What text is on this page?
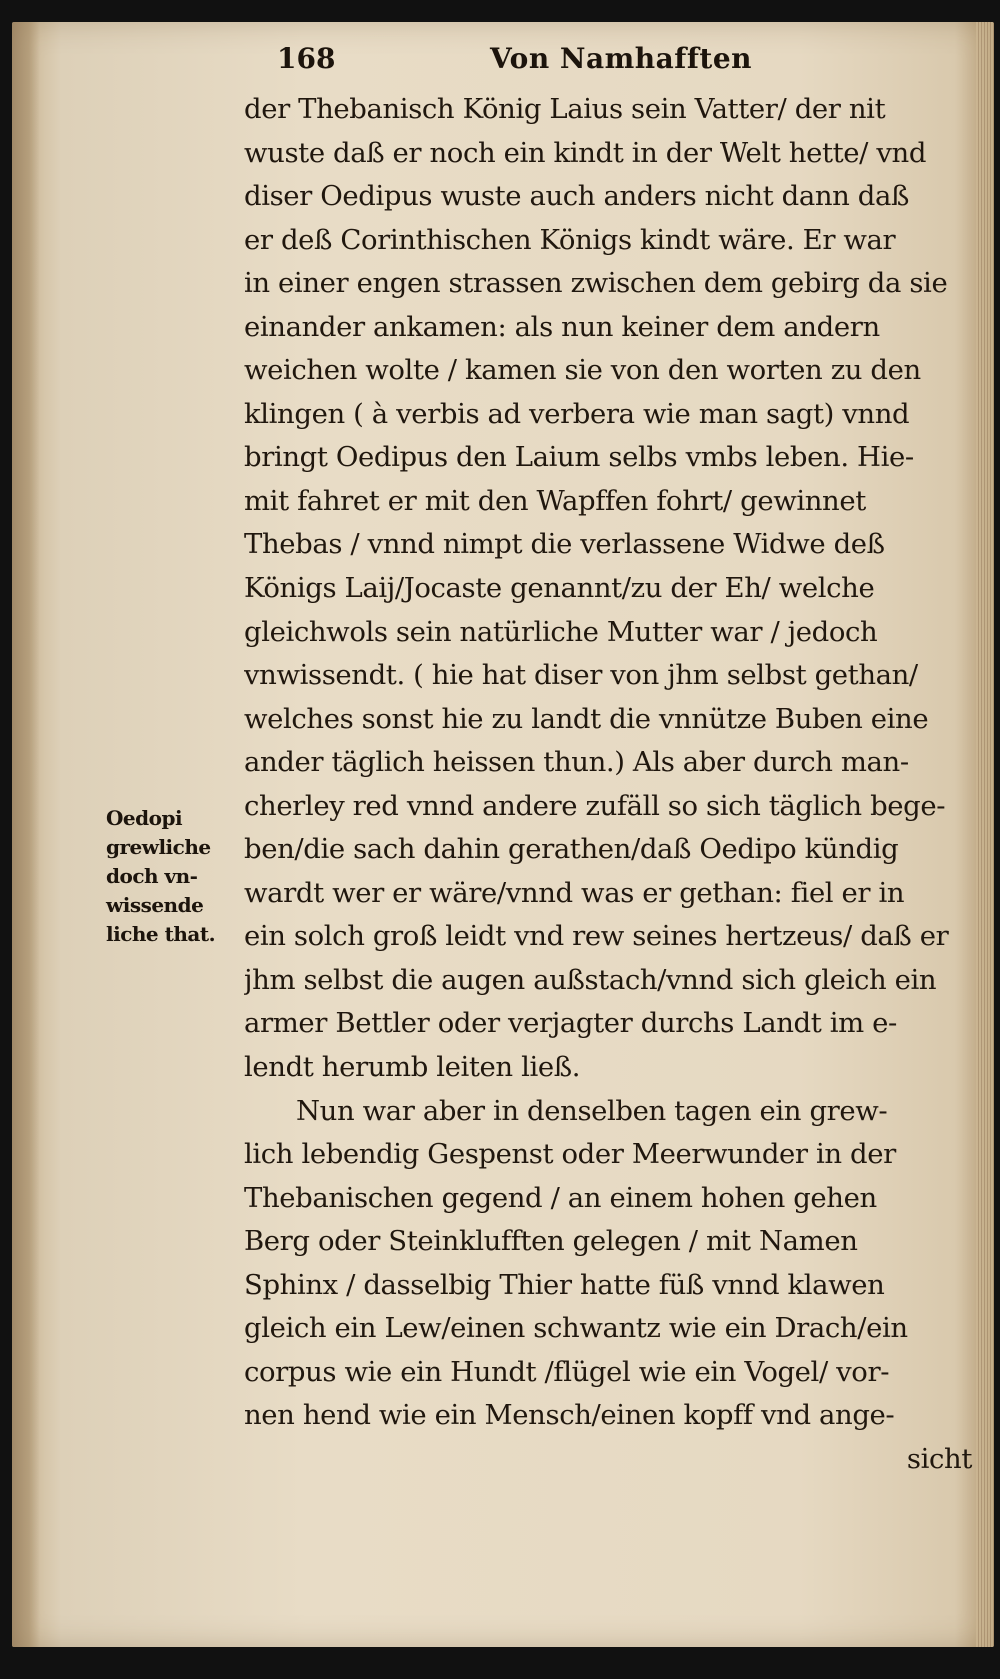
168	Von Namhafften
Oedopi
grewliche
doch vn-
wissende
liche that.
der Thebanisch König Laius sein Vatter/ der nit
wuste daß er noch ein kindt in der Welt hette/ vnd
diser Oedipus wuste auch anders nicht dann daß
er deß Corinthischen Königs kindt wäre. Er war
in einer engen strassen zwischen dem gebirg da sie
einander ankamen: als nun keiner dem andern
weichen wolte / kamen sie von den worten zu den
klingen ( à verbis ad verbera wie man sagt) vnnd
bringt Oedipus den Laium selbs vmbs leben. Hie-
mit fahret er mit den Wapffen fohrt/ gewinnet
Thebas / vnnd nimpt die verlassene Widwe deß
Königs Laij/Jocaste genannt/zu der Eh/ welche
gleichwols sein natürliche Mutter war / jedoch
vnwissendt. ( hie hat diser von jhm selbst gethan/
welches sonst hie zu landt die vnnütze Buben eine
ander täglich heissen thun.) Als aber durch man-
cherley red vnnd andere zufäll so sich täglich bege-
ben/die sach dahin gerathen/daß Oedipo kündig
wardt wer er wäre/vnnd was er gethan: fiel er in
ein solch groß leidt vnd rew seines hertzeus/ daß er
jhm selbst die augen außstach/vnnd sich gleich ein
armer Bettler oder verjagter durchs Landt im e-
lendt herumb leiten ließ.
Nun war aber in denselben tagen ein grew-
lich lebendig Gespenst oder Meerwunder in der
Thebanischen gegend / an einem hohen gehen
Berg oder Steinklufften gelegen / mit Namen
Sphinx / dasselbig Thier hatte füß vnnd klawen
gleich ein Lew/einen schwantz wie ein Drach/ein
corpus wie ein Hundt /flügel wie ein Vogel/ vor-
nen hend wie ein Mensch/einen kopff vnd ange-
sicht
